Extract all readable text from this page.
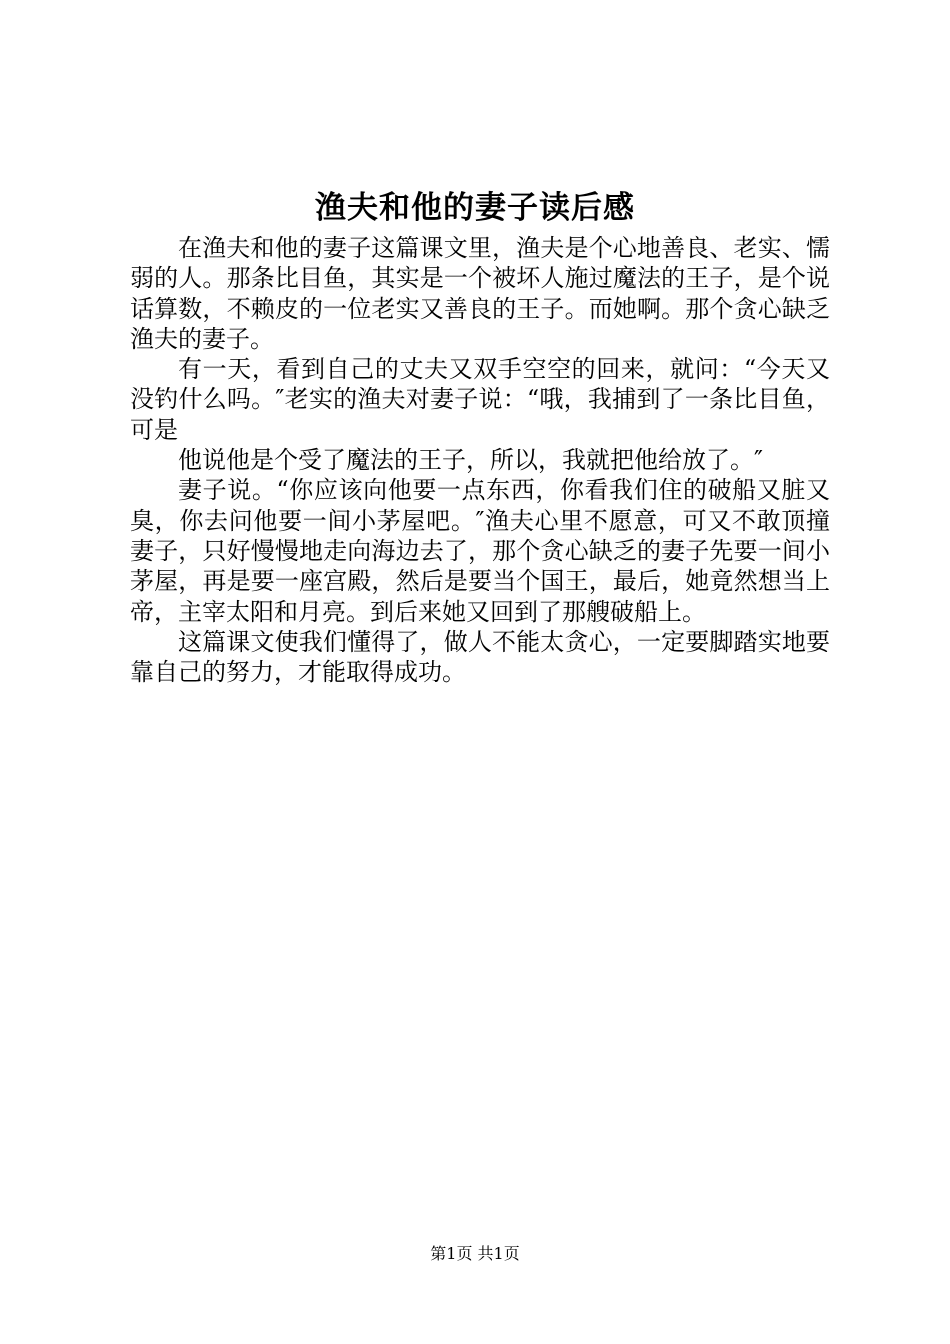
渔夫和他的妻子读后感

在渔夫和他的妻子这篇课文里，渔夫是个心地善良、老实、懦弱的人。那条比目鱼，其实是一个被坏人施过魔法的王子，是个说话算数，不赖皮的一位老实又善良的王子。而她啊。那个贪心缺乏渔夫的妻子。

有一天，看到自己的丈夫又双手空空的回来，就问：“今天又没钓什么吗。″老实的渔夫对妻子说：“哦，我捕到了一条比目鱼，可是

他说他是个受了魔法的王子，所以，我就把他给放了。″

妻子说。“你应该向他要一点东西，你看我们住的破船又脏又臭，你去问他要一间小茅屋吧。″渔夫心里不愿意，可又不敢顶撞妻子，只好慢慢地走向海边去了，那个贪心缺乏的妻子先要一间小茅屋，再是要一座宫殿，然后是要当个国王，最后，她竟然想当上帝，主宰太阳和月亮。到后来她又回到了那艘破船上。

这篇课文使我们懂得了，做人不能太贪心，一定要脚踏实地要靠自己的努力，才能取得成功。

第1页 共1页
